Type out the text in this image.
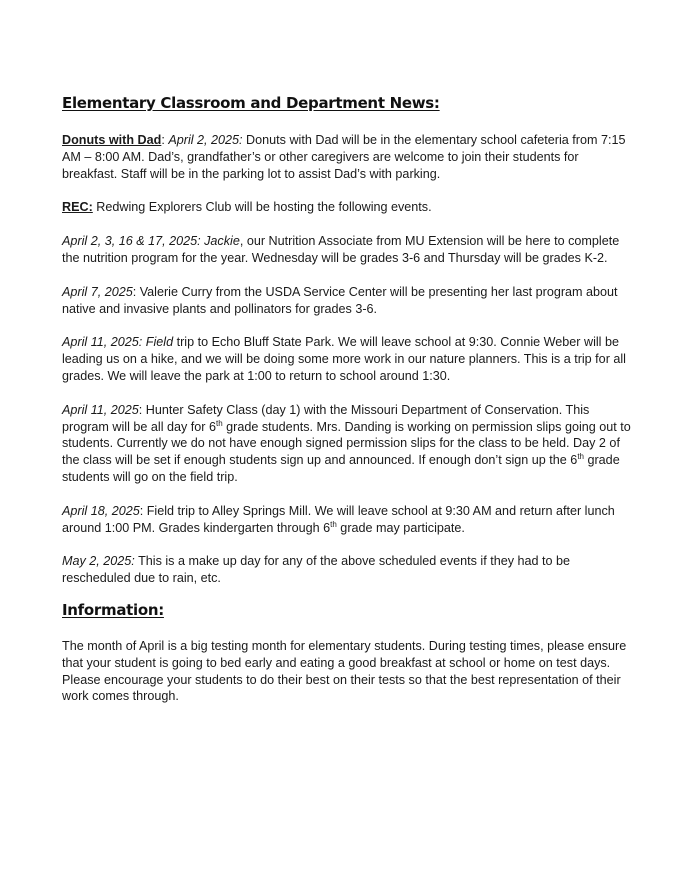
Elementary Classroom and Department News:

Donuts with Dad: April 2, 2025: Donuts with Dad will be in the elementary school cafeteria from 7:15 AM – 8:00 AM. Dad’s, grandfather’s or other caregivers are welcome to join their students for breakfast. Staff will be in the parking lot to assist Dad’s with parking.

REC: Redwing Explorers Club will be hosting the following events.

April 2, 3, 16 & 17, 2025: Jackie, our Nutrition Associate from MU Extension will be here to complete the nutrition program for the year. Wednesday will be grades 3-6 and Thursday will be grades K-2.

April 7, 2025: Valerie Curry from the USDA Service Center will be presenting her last program about native and invasive plants and pollinators for grades 3-6.

April 11, 2025: Field trip to Echo Bluff State Park. We will leave school at 9:30. Connie Weber will be leading us on a hike, and we will be doing some more work in our nature planners. This is a trip for all grades. We will leave the park at 1:00 to return to school around 1:30.

April 11, 2025: Hunter Safety Class (day 1) with the Missouri Department of Conservation. This program will be all day for 6th grade students. Mrs. Danding is working on permission slips going out to students. Currently we do not have enough signed permission slips for the class to be held. Day 2 of the class will be set if enough students sign up and announced. If enough don’t sign up the 6th grade students will go on the field trip.

April 18, 2025: Field trip to Alley Springs Mill. We will leave school at 9:30 AM and return after lunch around 1:00 PM. Grades kindergarten through 6th grade may participate.

May 2, 2025: This is a make up day for any of the above scheduled events if they had to be rescheduled due to rain, etc.

Information:

The month of April is a big testing month for elementary students. During testing times, please ensure that your student is going to bed early and eating a good breakfast at school or home on test days. Please encourage your students to do their best on their tests so that the best representation of their work comes through.
